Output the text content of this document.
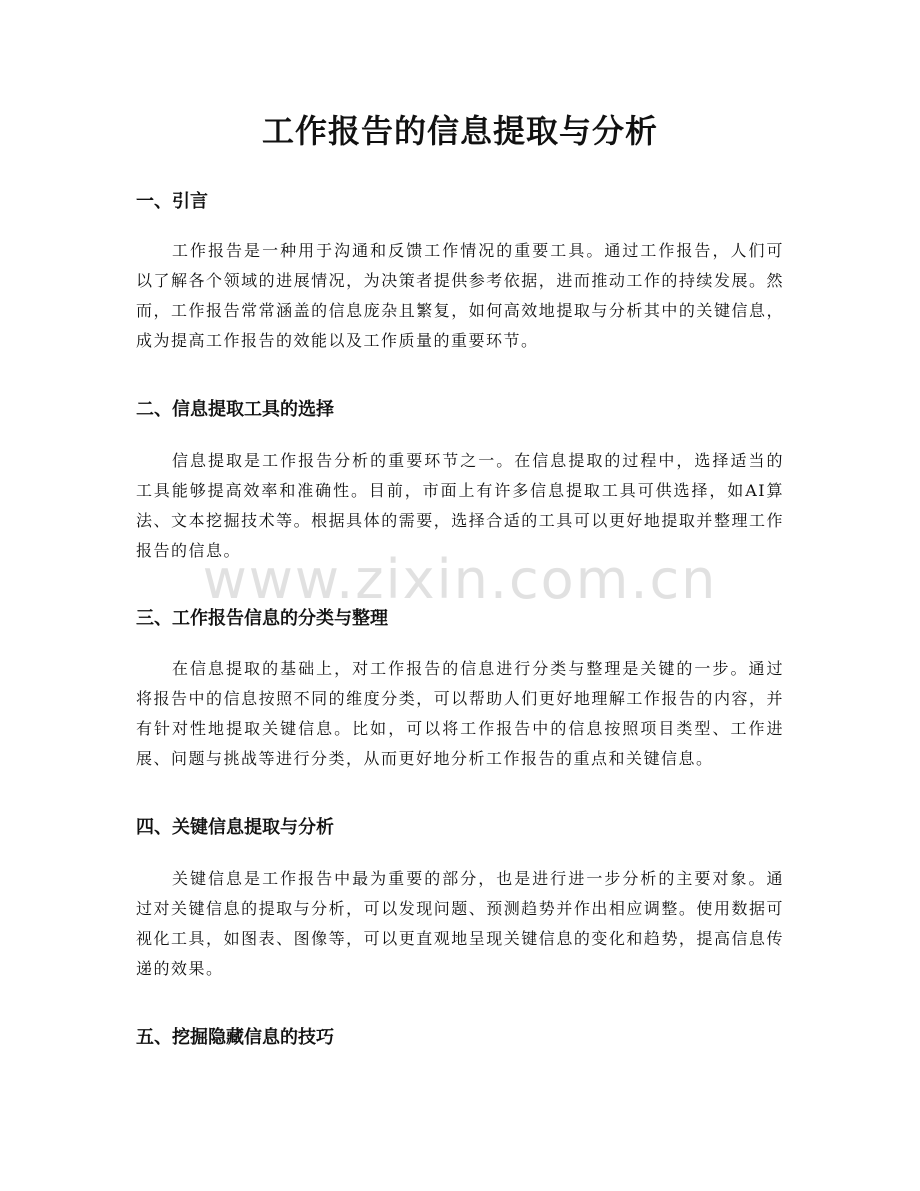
工作报告的信息提取与分析
一、引言

工作报告是一种用于沟通和反馈工作情况的重要工具。通过工作报告，人们可以了解各个领域的进展情况，为决策者提供参考依据，进而推动工作的持续发展。然而，工作报告常常涵盖的信息庞杂且繁复，如何高效地提取与分析其中的关键信息，成为提高工作报告的效能以及工作质量的重要环节。

二、信息提取工具的选择

信息提取是工作报告分析的重要环节之一。在信息提取的过程中，选择适当的工具能够提高效率和准确性。目前，市面上有许多信息提取工具可供选择，如AI算法、文本挖掘技术等。根据具体的需要，选择合适的工具可以更好地提取并整理工作报告的信息。

三、工作报告信息的分类与整理

在信息提取的基础上，对工作报告的信息进行分类与整理是关键的一步。通过将报告中的信息按照不同的维度分类，可以帮助人们更好地理解工作报告的内容，并有针对性地提取关键信息。比如，可以将工作报告中的信息按照项目类型、工作进展、问题与挑战等进行分类，从而更好地分析工作报告的重点和关键信息。

四、关键信息提取与分析

关键信息是工作报告中最为重要的部分，也是进行进一步分析的主要对象。通过对关键信息的提取与分析，可以发现问题、预测趋势并作出相应调整。使用数据可视化工具，如图表、图像等，可以更直观地呈现关键信息的变化和趋势，提高信息传递的效果。

五、挖掘隐藏信息的技巧
www.zixin.com.cn
